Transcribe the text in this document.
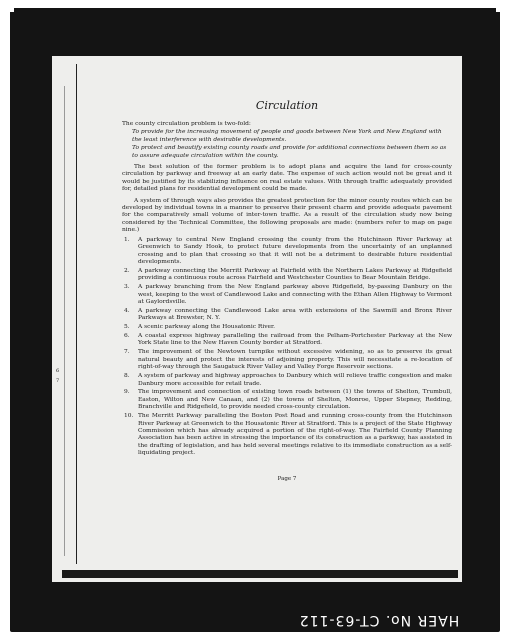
Circulation

The county circulation problem is two-fold:

To provide for the increasing movement of people and goods between New York and New England with the least interference with desirable developments.

To protect and beautify existing county roads and provide for additional connections between them so as to assure adequate circulation within the county.

The best solution of the former problem is to adopt plans and acquire the land for cross-county circulation by parkway and freeway at an early date. The expense of such action would not be great and it would be justified by its stabilizing influence on real estate values. With through traffic adequately provided for, detailed plans for residential development could be made.

A system of through ways also provides the greatest protection for the minor county routes which can be developed by individual towns in a manner to preserve their present charm and provide adequate pavement for the comparatively small volume of inter-town traffic. As a result of the circulation study now being considered by the Technical Committee, the following proposals are made: (numbers refer to map on page nine.)

1. A parkway to central New England crossing the county from the Hutchinson River Parkway at Greenwich to Sandy Hook, to protect future developments from the uncertainty of an unplanned crossing and to plan that crossing so that it will not be a detriment to desirable future residential developments.
2. A parkway connecting the Merritt Parkway at Fairfield with the Northern Lakes Parkway at Ridgefield providing a continuous route across Fairfield and Westchester Counties to Bear Mountain Bridge.
3. A parkway branching from the New England parkway above Ridgefield, by-passing Danbury on the west, keeping to the west of Candlewood Lake and connecting with the Ethan Allen Highway to Vermont at Gaylordsville.
4. A parkway connecting the Candlewood Lake area with extensions of the Sawmill and Bronx River Parkways at Brewster, N. Y.
5. A scenic parkway along the Housatonic River.
6. A coastal express highway paralleling the railroad from the Pelham-Portchester Parkway at the New York State line to the New Haven County border at Stratford.
7. The improvement of the Newtown turnpike without excessive widening, so as to preserve its great natural beauty and protect the interests of adjoining property. This will necessitate a re-location of right-of-way through the Saugatuck River Valley and Valley Forge Reservoir sections.
8. A system of parkway and highway approaches to Danbury which will relieve traffic congestion and make Danbury more accessible for retail trade.
9. The improvement and connection of existing town roads between (1) the towns of Shelton, Trumbull, Easton, Wilton and New Canaan, and (2) the towns of Shelton, Monroe, Upper Stepney, Redding, Branchville and Ridgefield, to provide needed cross-county circulation.
10. The Merritt Parkway paralleling the Boston Post Road and running cross-county from the Hutchinson River Parkway at Greenwich to the Housatonic River at Stratford. This is a project of the State Highway Commission which has already acquired a portion of the right-of-way. The Fairfield County Planning Association has been active in stressing the importance of its construction as a parkway, has assisted in the drafting of legislation, and has held several meetings relative to its immediate construction as a self-liquidating project.
Page 7
6
7
HAER No. CT-63-112
